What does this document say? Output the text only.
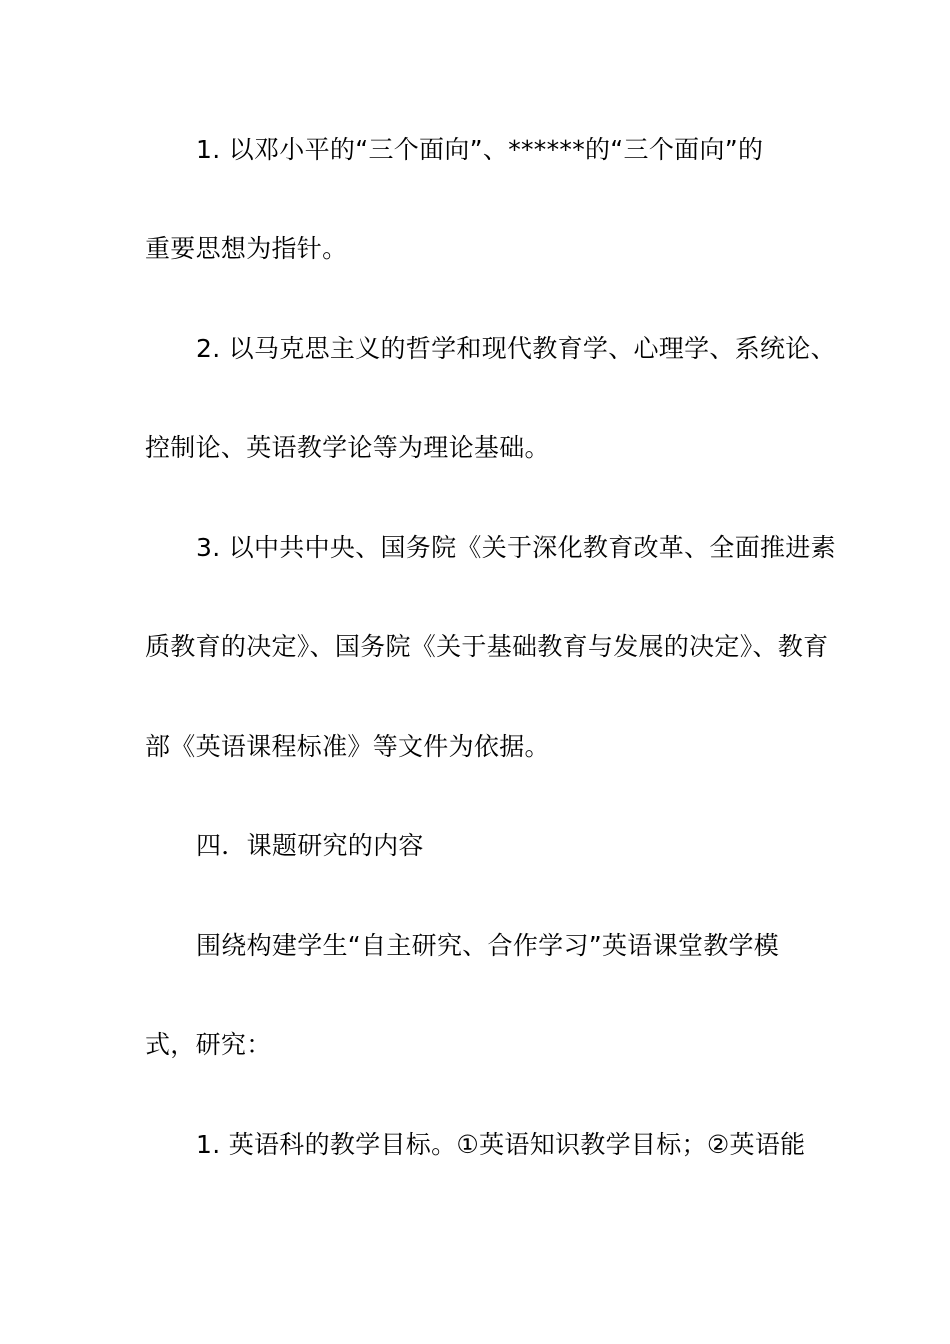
1. 以邓小平的“三个面向”、******的“三个面向”的
重要思想为指针。
2. 以马克思主义的哲学和现代教育学、心理学、系统论、
控制论、英语教学论等为理论基础。
3. 以中共中央、国务院《关于深化教育改革、全面推进素
质教育的决定》、国务院《关于基础教育与发展的决定》、教育
部《英语课程标准》等文件为依据。
四．课题研究的内容
围绕构建学生“自主研究、合作学习”英语课堂教学模
式，研究：
1. 英语科的教学目标。①英语知识教学目标；②英语能
